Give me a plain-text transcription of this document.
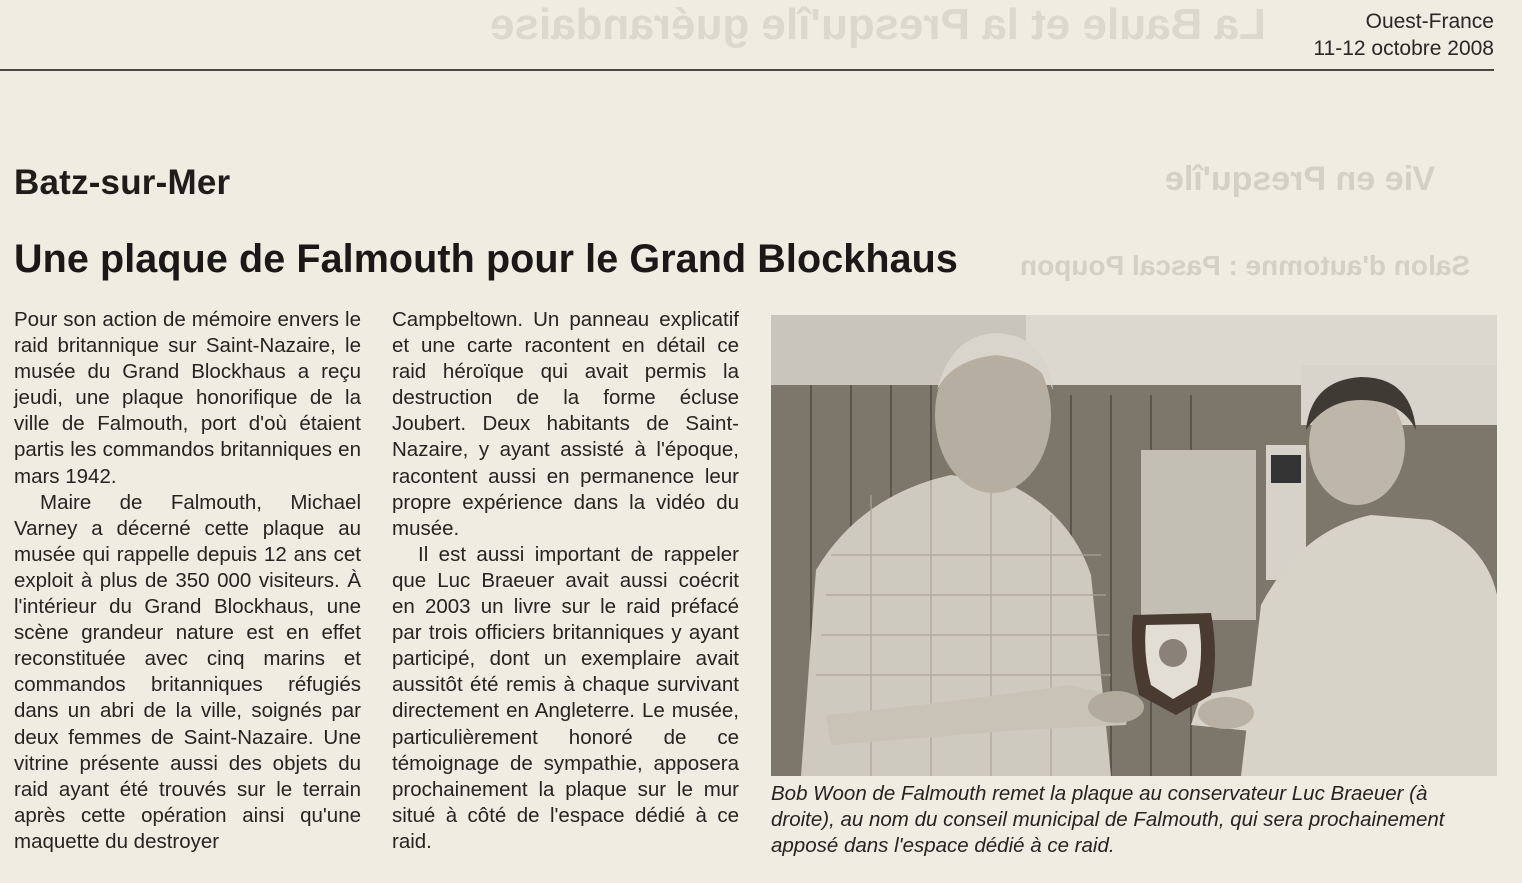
La Baule et la Presqu'île guérandaise
Vie en Presqu'île
Salon d'automne : Pascal Poupon
Ouest-France
11-12 octobre 2008
Batz-sur-Mer
Une plaque de Falmouth pour le Grand Blockhaus

Pour son action de mémoire envers le raid britannique sur Saint-Nazaire, le musée du Grand Blockhaus a reçu jeudi, une plaque honorifique de la ville de Falmouth, port d'où étaient partis les commandos britanniques en mars 1942.

Maire de Falmouth, Michael Varney a décerné cette plaque au musée qui rappelle depuis 12 ans cet exploit à plus de 350 000 visiteurs. À l'intérieur du Grand Blockhaus, une scène grandeur nature est en effet reconstituée avec cinq marins et commandos britanniques réfugiés dans un abri de la ville, soignés par deux femmes de Saint-Nazaire. Une vitrine présente aussi des objets du raid ayant été trouvés sur le terrain après cette opération ainsi qu'une maquette du destroyer

Campbeltown. Un panneau explicatif et une carte racontent en détail ce raid héroïque qui avait permis la destruction de la forme écluse Joubert. Deux habitants de Saint-Nazaire, y ayant assisté à l'époque, racontent aussi en permanence leur propre expérience dans la vidéo du musée.

Il est aussi important de rappeler que Luc Braeuer avait aussi coécrit en 2003 un livre sur le raid préfacé par trois officiers britanniques y ayant participé, dont un exemplaire avait aussitôt été remis à chaque survivant directement en Angleterre. Le musée, particulièrement honoré de ce témoignage de sympathie, apposera prochainement la plaque sur le mur situé à côté de l'espace dédié à ce raid.

Bob Woon de Falmouth remet la plaque au conservateur Luc Braeuer (à droite), au nom du conseil municipal de Falmouth, qui sera prochainement apposé dans l'espace dédié à ce raid.
